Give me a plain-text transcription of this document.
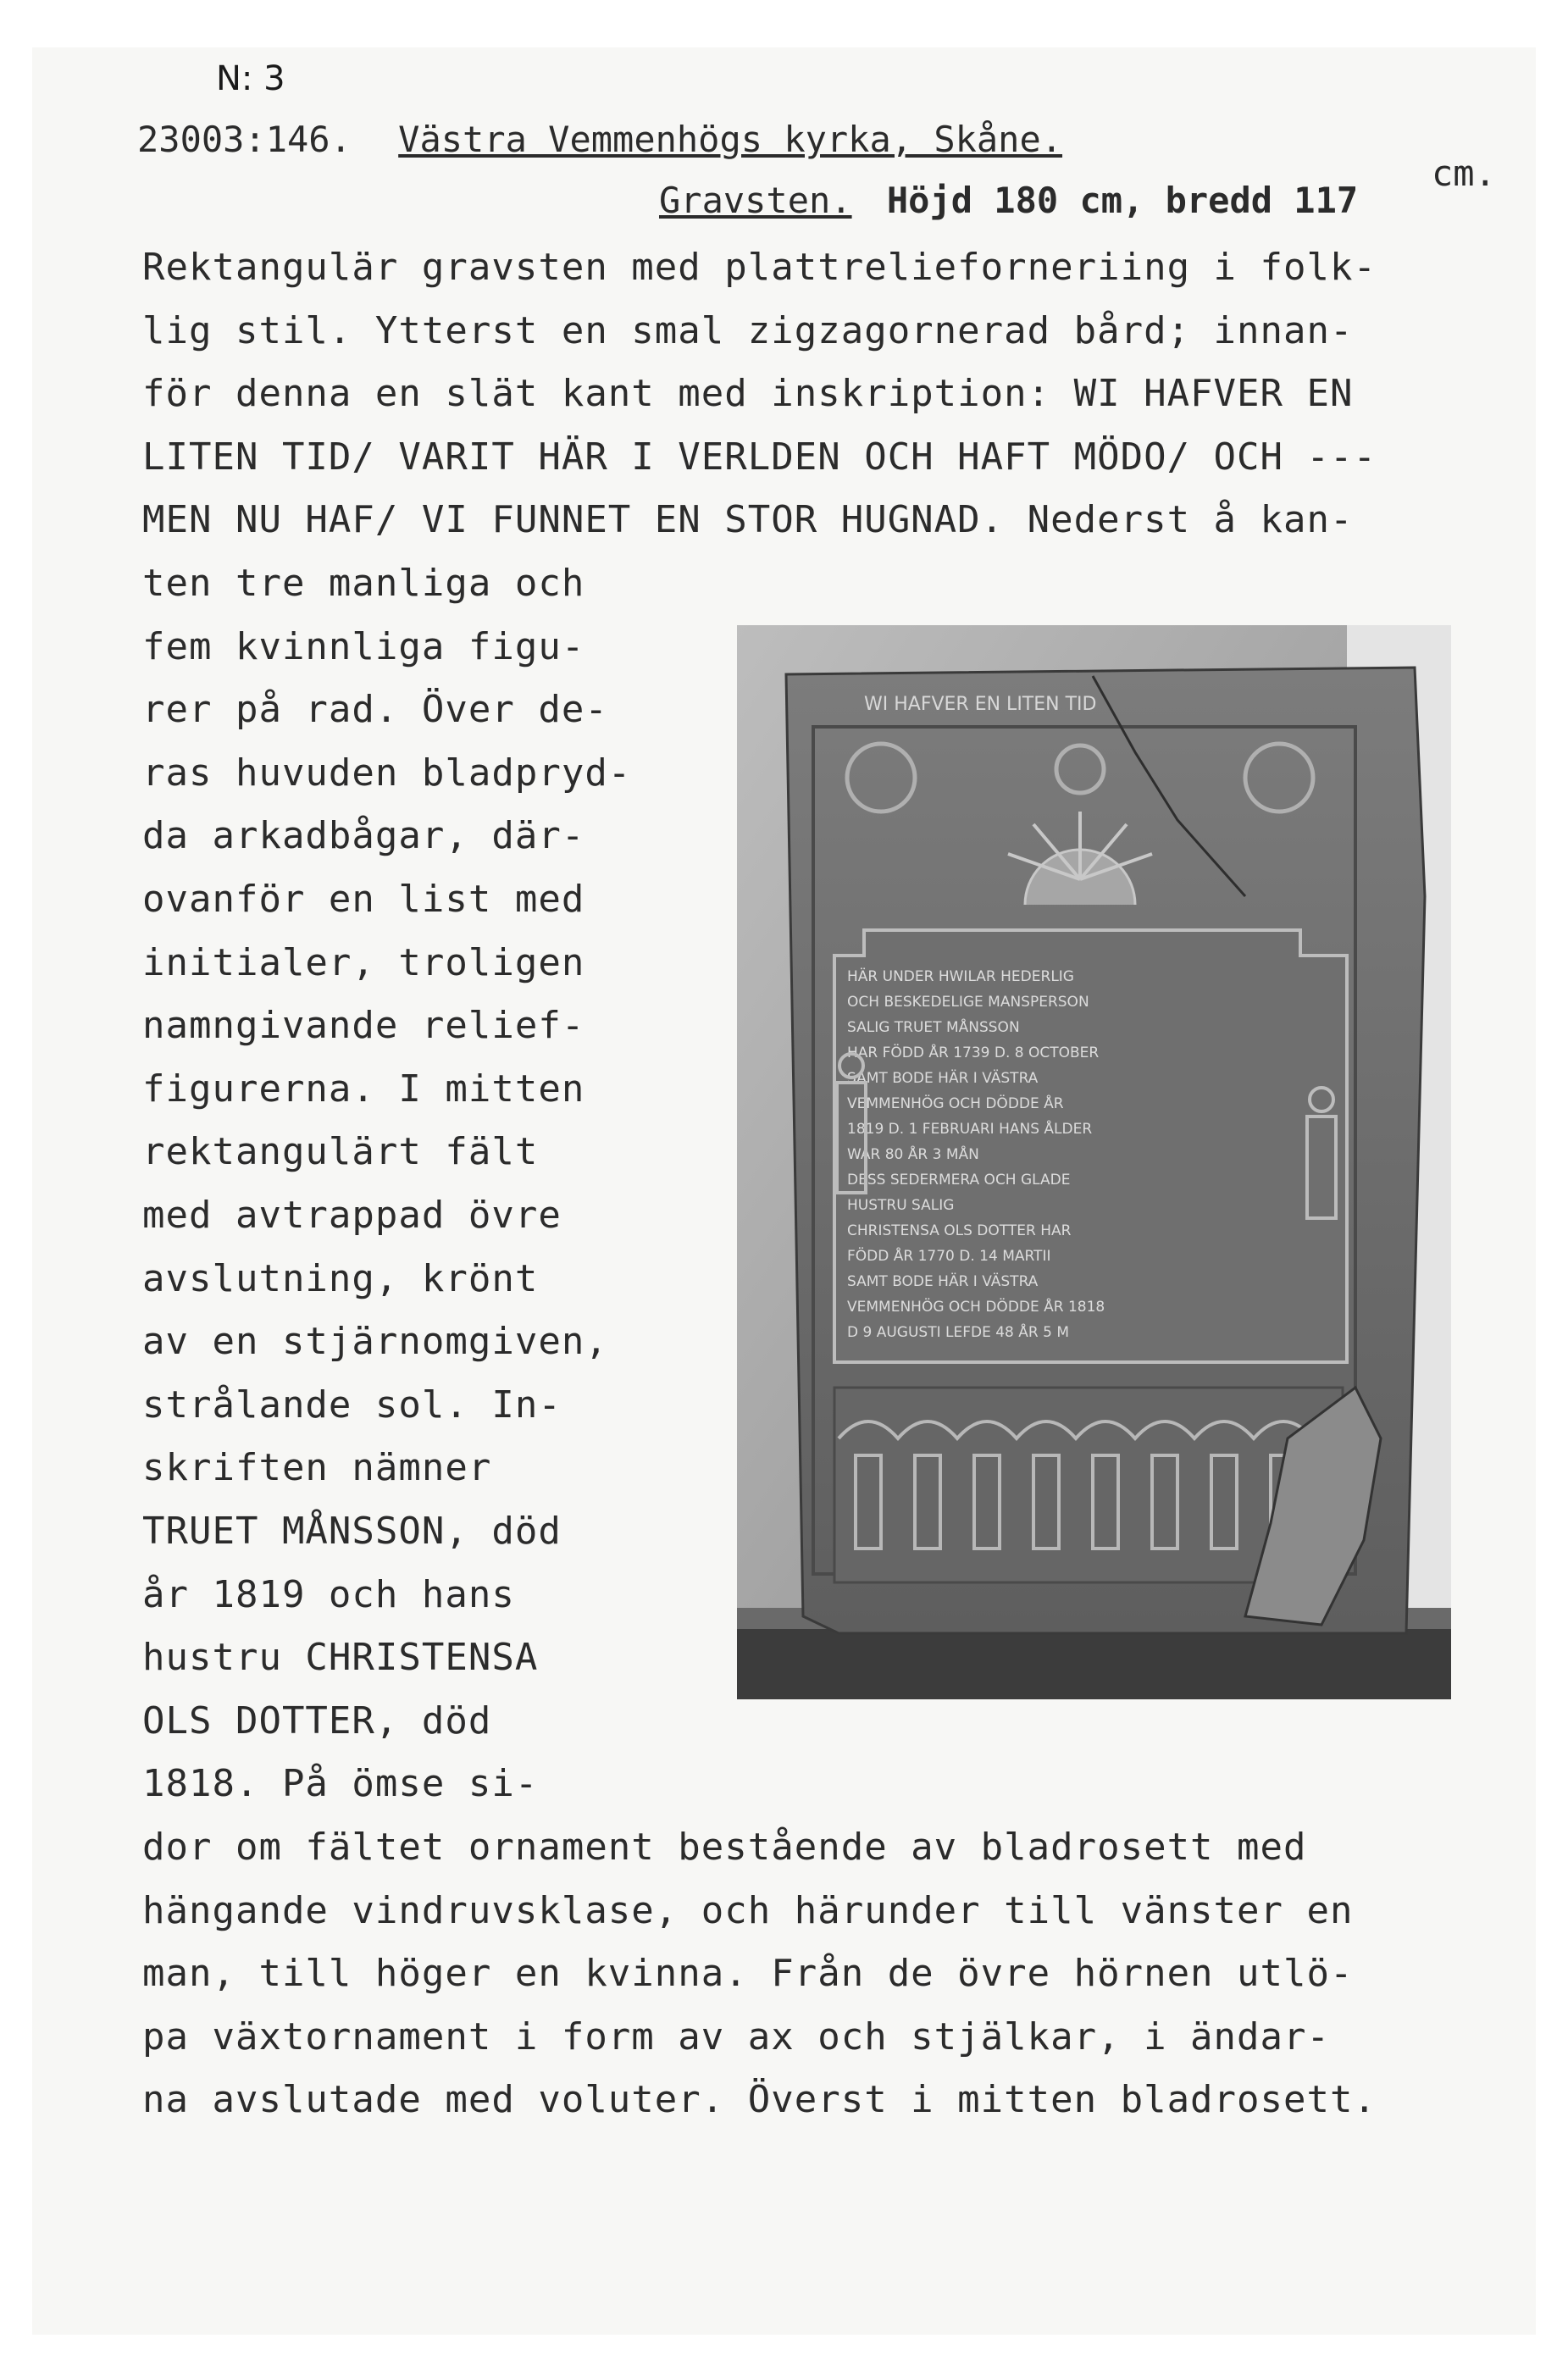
N: 3
23003:146. Västra Vemmenhögs kyrka, Skåne.
cm.
Gravsten. Höjd 180 cm, bredd 117
Rektangulär gravsten med plattrelieforneriing i folk-
lig stil. Ytterst en smal zigzagornerad bård; innan-
för denna en slät kant med inskription: WI HAFVER EN
LITEN TID/ VARIT HÄR I VERLDEN OCH HAFT MÖDO/ OCH ---
MEN NU HAF/ VI FUNNET EN STOR HUGNAD. Nederst å kan-
ten tre manliga och
fem kvinnliga figu-
rer på rad. Över de-
ras huvuden bladpryd-
da arkadbågar, där-
ovanför en list med
initialer, troligen
namngivande relief-
figurerna. I mitten
rektangulärt fält
med avtrappad övre
avslutning, krönt
av en stjärnomgiven,
strålande sol. In-
skriften nämner
TRUET MÅNSSON, död
år 1819 och hans
hustru CHRISTENSA
OLS DOTTER, död
1818. På ömse si-
dor om fältet ornament bestående av bladrosett med
hängande vindruvsklase, och härunder till vänster en
man, till höger en kvinna. Från de övre hörnen utlö-
pa växtornament i form av ax och stjälkar, i ändar-
na avslutade med voluter. Överst i mitten bladrosett.
WI HAFVER EN LITEN TID
HÄR UNDER HWILAR HEDERLIG
OCH BESKEDELIGE MANSPERSON
SALIG TRUET MÅNSSON
HAR FÖDD ÅR 1739 D. 8 OCTOBER
SAMT BODE HÄR I VÄSTRA
VEMMENHÖG OCH DÖDDE ÅR
1819 D. 1 FEBRUARI HANS ÅLDER
WAR 80 ÅR 3 MÅN
DESS SEDERMERA OCH GLADE
HUSTRU SALIG
CHRISTENSA OLS DOTTER HAR
FÖDD ÅR 1770 D. 14 MARTII
SAMT BODE HÄR I VÄSTRA
VEMMENHÖG OCH DÖDDE ÅR 1818
D 9 AUGUSTI LEFDE 48 ÅR 5 M
